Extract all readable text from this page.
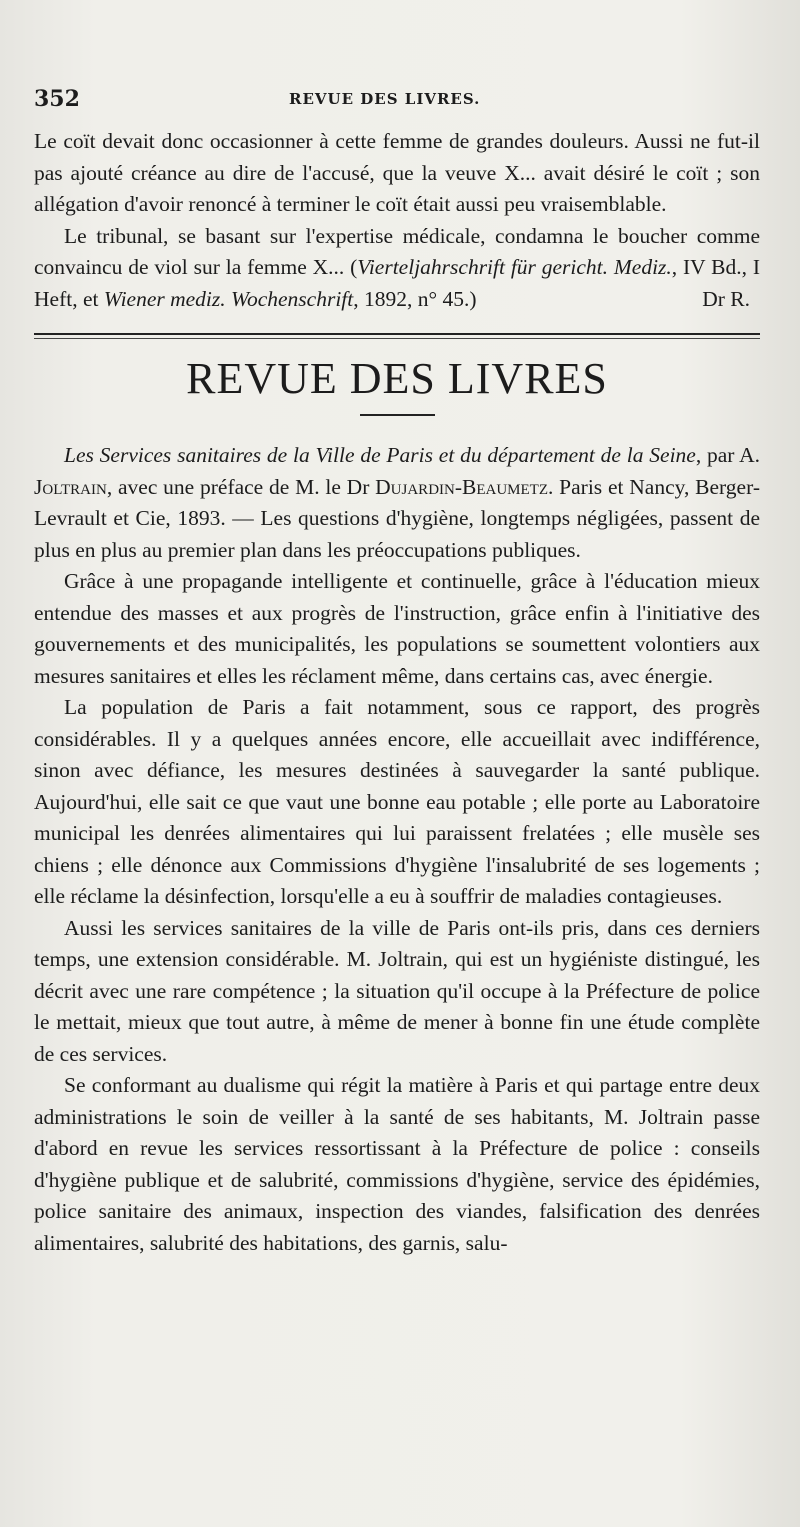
352	REVUE DES LIVRES.

Le coït devait donc occasionner à cette femme de grandes douleurs. Aussi ne fut-il pas ajouté créance au dire de l'accusé, que la veuve X... avait désiré le coït ; son allégation d'avoir renoncé à terminer le coït était aussi peu vraisemblable.

Le tribunal, se basant sur l'expertise médicale, condamna le boucher comme convaincu de viol sur la femme X... (Vierteljahrschrift für gericht. Mediz., IV Bd., I Heft, et Wiener mediz. Wochenschrift, 1892, n° 45.)	Dr R.

REVUE DES LIVRES

Les Services sanitaires de la Ville de Paris et du département de la Seine, par A. Joltrain, avec une préface de M. le Dr Dujardin-Beaumetz. Paris et Nancy, Berger-Levrault et Cie, 1893. — Les questions d'hygiène, longtemps négligées, passent de plus en plus au premier plan dans les préoccupations publiques.

Grâce à une propagande intelligente et continuelle, grâce à l'éducation mieux entendue des masses et aux progrès de l'instruction, grâce enfin à l'initiative des gouvernements et des municipalités, les populations se soumettent volontiers aux mesures sanitaires et elles les réclament même, dans certains cas, avec énergie.

La population de Paris a fait notamment, sous ce rapport, des progrès considérables. Il y a quelques années encore, elle accueillait avec indifférence, sinon avec défiance, les mesures destinées à sauvegarder la santé publique. Aujourd'hui, elle sait ce que vaut une bonne eau potable ; elle porte au Laboratoire municipal les denrées alimentaires qui lui paraissent frelatées ; elle musèle ses chiens ; elle dénonce aux Commissions d'hygiène l'insalubrité de ses logements ; elle réclame la désinfection, lorsqu'elle a eu à souffrir de maladies contagieuses.

Aussi les services sanitaires de la ville de Paris ont-ils pris, dans ces derniers temps, une extension considérable. M. Joltrain, qui est un hygiéniste distingué, les décrit avec une rare compétence ; la situation qu'il occupe à la Préfecture de police le mettait, mieux que tout autre, à même de mener à bonne fin une étude complète de ces services.

Se conformant au dualisme qui régit la matière à Paris et qui partage entre deux administrations le soin de veiller à la santé de ses habitants, M. Joltrain passe d'abord en revue les services ressortissant à la Préfecture de police : conseils d'hygiène publique et de salubrité, commissions d'hygiène, service des épidémies, police sanitaire des animaux, inspection des viandes, falsification des denrées alimentaires, salubrité des habitations, des garnis, salu-
